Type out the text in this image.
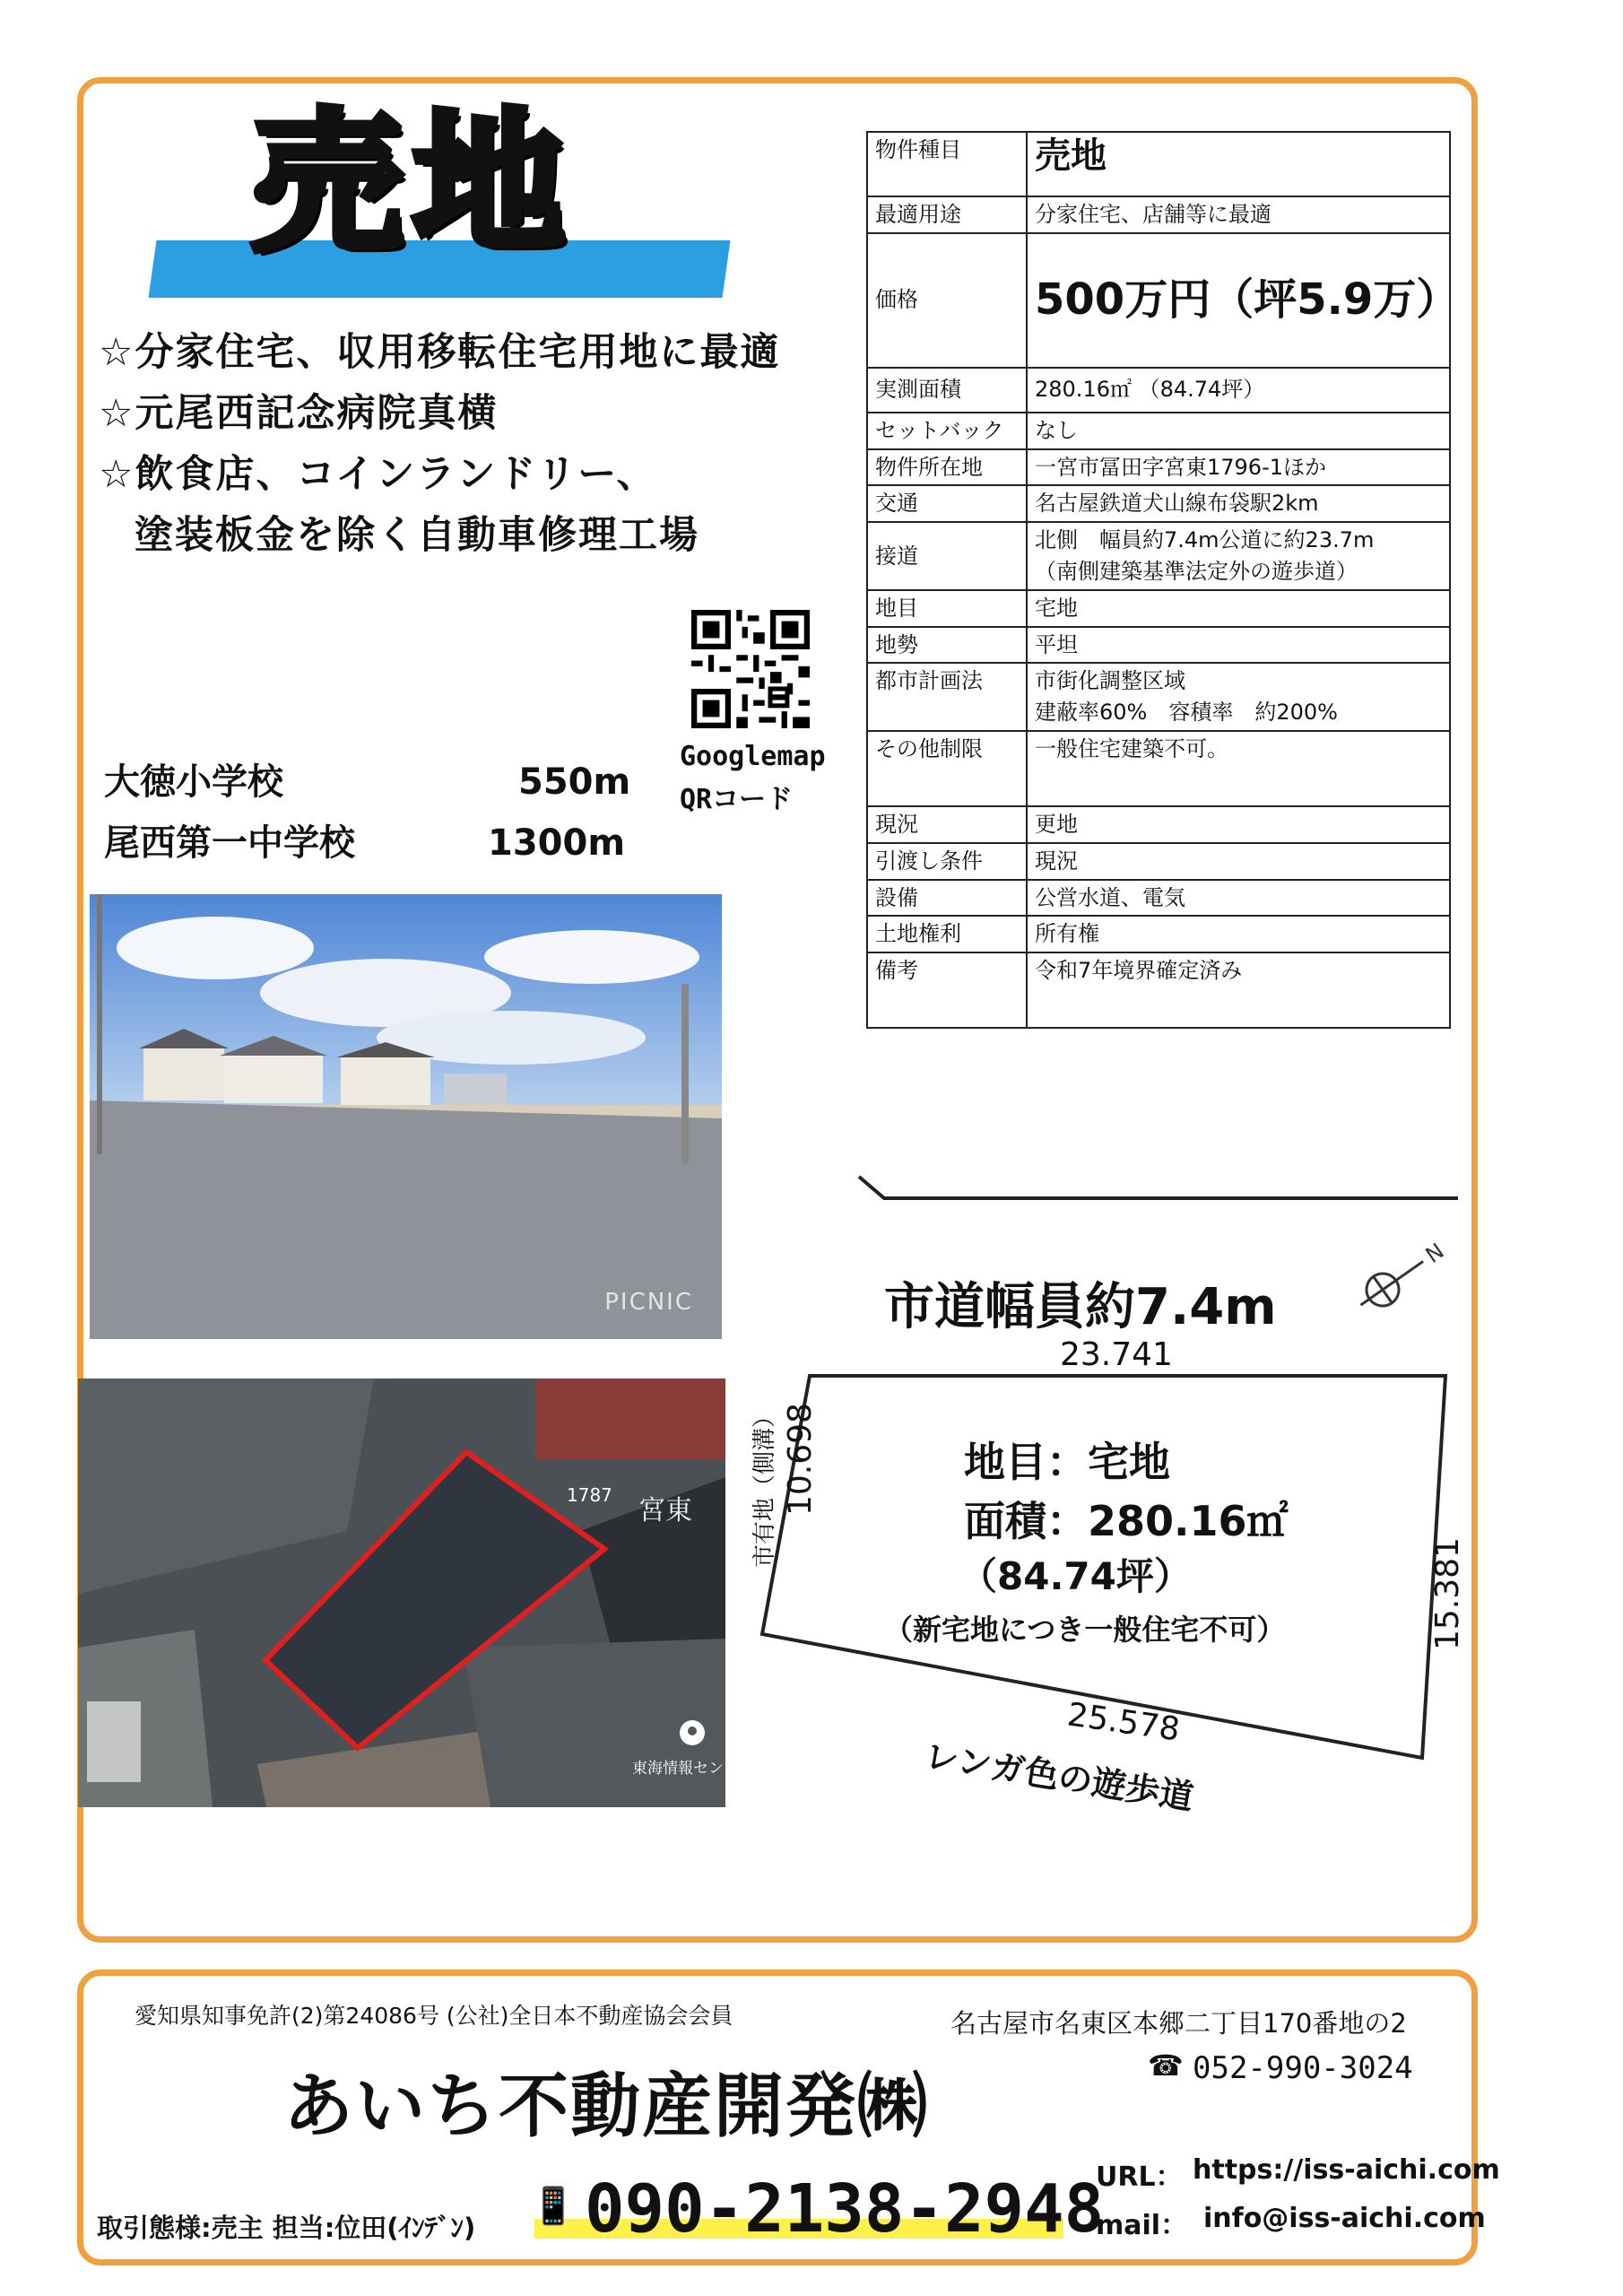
売地
☆分家住宅、収用移転住宅用地に最適
☆元尾西記念病院真横
☆飲食店、コインランドリー、
塗装板金を除く自動車修理工場
Googlemap
QRコード
大徳小学校	550m
尾西第一中学校	1300m
物件種目	売地
最適用途	分家住宅、店舗等に最適
価格	500万円（坪5.9万）
実測面積	280.16㎡ （84.74坪）
セットバック	なし
物件所在地	一宮市冨田字宮東1796-1ほか
交通	名古屋鉄道犬山線布袋駅2km
接道	北側　幅員約7.4m公道に約23.7m
（南側建築基準法定外の遊歩道）

地目	宅地
地勢	平坦
都市計画法	市街化調整区域
建蔽率60%　容積率　約200%

その他制限	一般住宅建築不可。
現況	更地
引渡し条件	現況
設備	公営水道、電気
土地権利	所有権
備考	令和7年境界確定済み
PICNIC
1787 宮東
東海情報セン
N
市道幅員約7.4m
23.741
10.698
市有地（側溝）
15.381
25.578
レンガ色の遊歩道
地目：宅地
面積：280.16㎡
（84.74坪）
（新宅地につき一般住宅不可）
愛知県知事免許(2)第24086号 (公社)全日本不動産協会会員	名古屋市名東区本郷二丁目170番地の2
☎ 052-990-3024
あいち不動産開発㈱
📱 090-2138-2948
取引態様:売主 担当:位田(ｲﾝﾃﾞﾝ)
URL： https://iss-aichi.com
mail： info@iss-aichi.com
